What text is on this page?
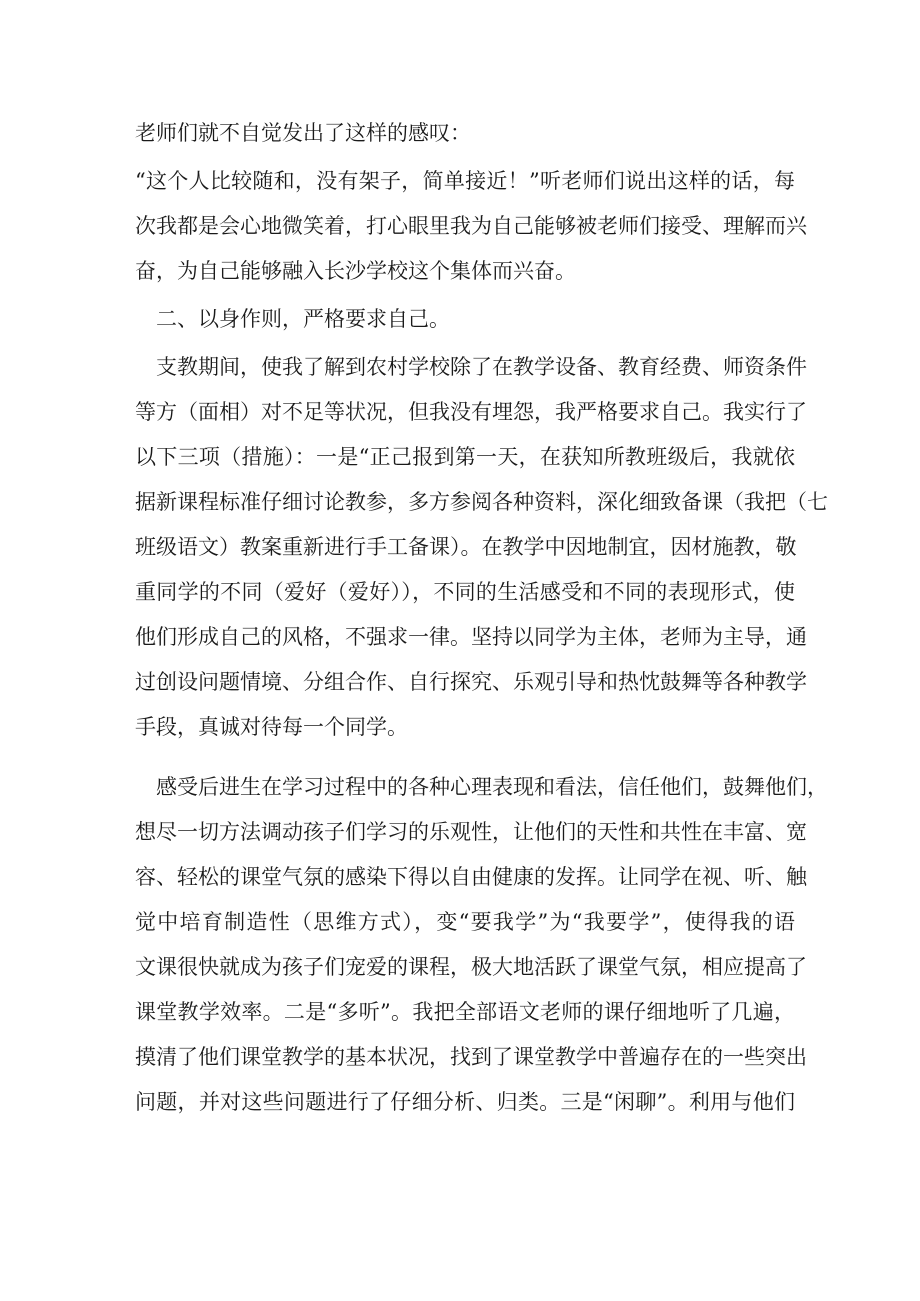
老师们就不自觉发出了这样的感叹：
“这个人比较随和，没有架子，简单接近！”听老师们说出这样的话，每
次我都是会心地微笑着，打心眼里我为自己能够被老师们接受、理解而兴
奋，为自己能够融入长沙学校这个集体而兴奋。
二、以身作则，严格要求自己。
支教期间，使我了解到农村学校除了在教学设备、教育经费、师资条件
等方（面相）对不足等状况，但我没有埋怨，我严格要求自己。我实行了
以下三项（措施）：一是“正己报到第一天，在获知所教班级后，我就依
据新课程标准仔细讨论教参，多方参阅各种资料，深化细致备课（我把（七
班级语文）教案重新进行手工备课）。在教学中因地制宜，因材施教，敬
重同学的不同（爱好（爱好）），不同的生活感受和不同的表现形式，使
他们形成自己的风格，不强求一律。坚持以同学为主体，老师为主导，通
过创设问题情境、分组合作、自行探究、乐观引导和热忱鼓舞等各种教学
手段，真诚对待每一个同学。
感受后进生在学习过程中的各种心理表现和看法，信任他们，鼓舞他们，
想尽一切方法调动孩子们学习的乐观性，让他们的天性和共性在丰富、宽
容、轻松的课堂气氛的感染下得以自由健康的发挥。让同学在视、听、触
觉中培育制造性（思维方式），变“要我学”为“我要学”，使得我的语
文课很快就成为孩子们宠爱的课程，极大地活跃了课堂气氛，相应提高了
课堂教学效率。二是“多听”。我把全部语文老师的课仔细地听了几遍，
摸清了他们课堂教学的基本状况，找到了课堂教学中普遍存在的一些突出
问题，并对这些问题进行了仔细分析、归类。三是“闲聊”。利用与他们
